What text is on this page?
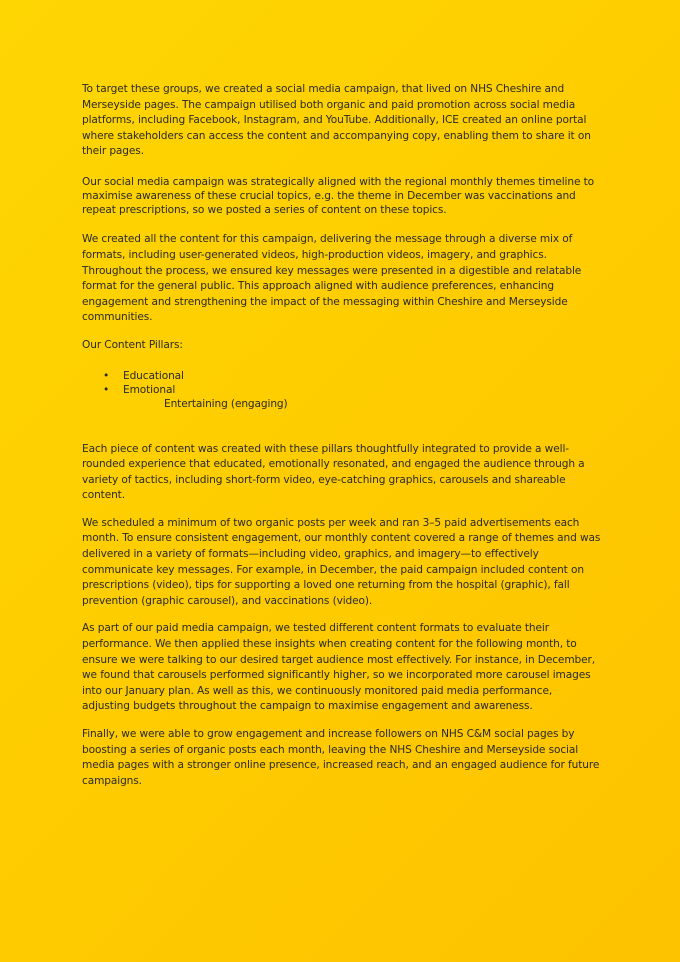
To target these groups, we created a social media campaign, that lived on NHS Cheshire and Merseyside pages. The campaign utilised both organic and paid promotion across social media platforms, including Facebook, Instagram, and YouTube. Additionally, ICE created an online portal where stakeholders can access the content and accompanying copy, enabling them to share it on their pages.

Our social media campaign was strategically aligned with the regional monthly themes timeline to maximise awareness of these crucial topics, e.g. the theme in December was vaccinations and repeat prescriptions, so we posted a series of content on these topics.

We created all the content for this campaign, delivering the message through a diverse mix of formats, including user-generated videos, high-production videos, imagery, and graphics. Throughout the process, we ensured key messages were presented in a digestible and relatable format for the general public. This approach aligned with audience preferences, enhancing engagement and strengthening the impact of the messaging within Cheshire and Merseyside communities.

Our Content Pillars:

• Educational
• Emotional
Entertaining (engaging)

Each piece of content was created with these pillars thoughtfully integrated to provide a well-rounded experience that educated, emotionally resonated, and engaged the audience through a variety of tactics, including short-form video, eye-catching graphics, carousels and shareable content.

We scheduled a minimum of two organic posts per week and ran 3–5 paid advertisements each month. To ensure consistent engagement, our monthly content covered a range of themes and was delivered in a variety of formats—including video, graphics, and imagery—to effectively communicate key messages. For example, in December, the paid campaign included content on prescriptions (video), tips for supporting a loved one returning from the hospital (graphic), fall prevention (graphic carousel), and vaccinations (video).

As part of our paid media campaign, we tested different content formats to evaluate their performance. We then applied these insights when creating content for the following month, to ensure we were talking to our desired target audience most effectively. For instance, in December, we found that carousels performed significantly higher, so we incorporated more carousel images into our January plan. As well as this, we continuously monitored paid media performance, adjusting budgets throughout the campaign to maximise engagement and awareness.

Finally, we were able to grow engagement and increase followers on NHS C&M social pages by boosting a series of organic posts each month, leaving the NHS Cheshire and Merseyside social media pages with a stronger online presence, increased reach, and an engaged audience for future campaigns.
